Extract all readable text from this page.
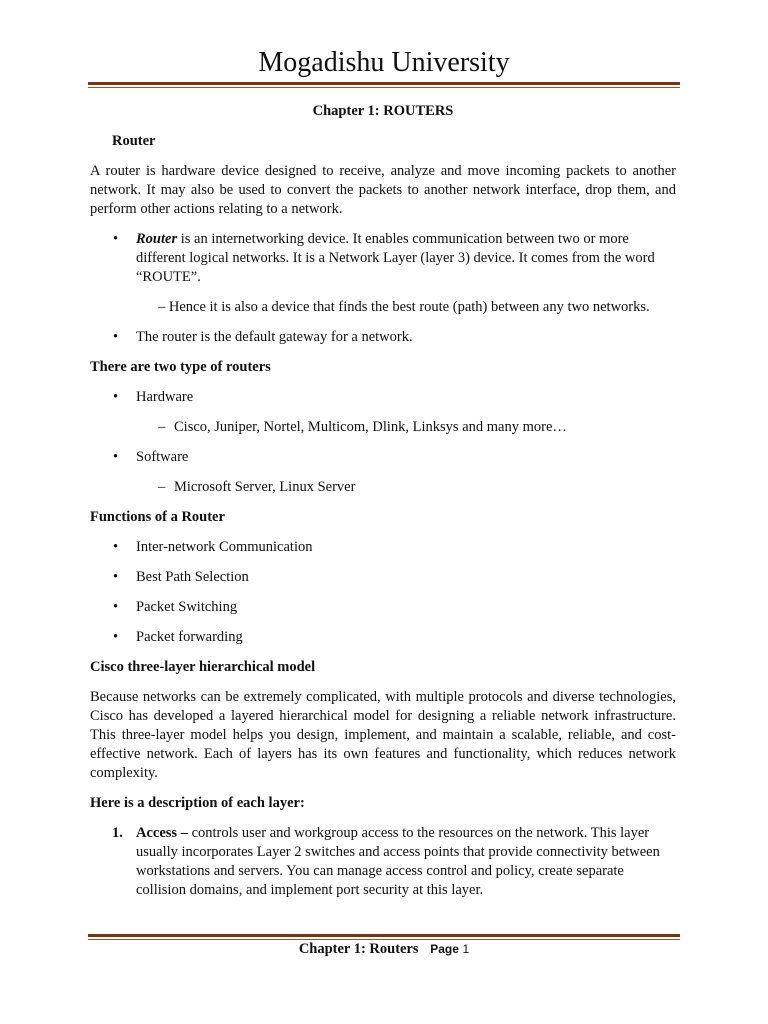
Mogadishu University

Chapter 1: ROUTERS

Router

A router is hardware device designed to receive, analyze and move incoming packets to another network. It may also be used to convert the packets to another network interface, drop them, and perform other actions relating to a network.

• Router is an internetworking device. It enables communication between two or more different logical networks. It is a Network Layer (layer 3) device. It comes from the word “ROUTE”.

– Hence it is also a device that finds the best route (path) between any two networks.

• The router is the default gateway for a network.

There are two type of routers

• Hardware

– Cisco, Juniper, Nortel, Multicom, Dlink, Linksys and many more…

• Software

– Microsoft Server, Linux Server

Functions of a Router

• Inter-network Communication
• Best Path Selection
• Packet Switching
• Packet forwarding

Cisco three-layer hierarchical model

Because networks can be extremely complicated, with multiple protocols and diverse technologies, Cisco has developed a layered hierarchical model for designing a reliable network infrastructure. This three-layer model helps you design, implement, and maintain a scalable, reliable, and cost-effective network. Each of layers has its own features and functionality, which reduces network complexity.

Here is a description of each layer:

1. Access – controls user and workgroup access to the resources on the network. This layer usually incorporates Layer 2 switches and access points that provide connectivity between workstations and servers. You can manage access control and policy, create separate collision domains, and implement port security at this layer.
Chapter 1: Routers Page 1
